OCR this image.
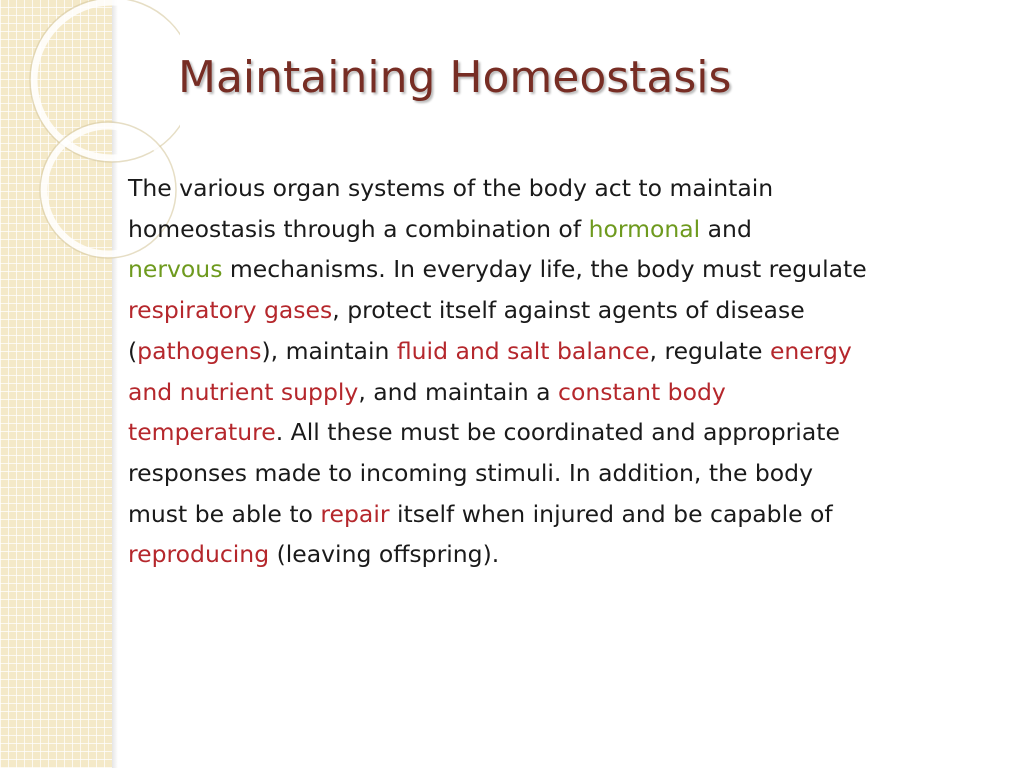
Maintaining Homeostasis
The various organ systems of the body act to maintain
homeostasis through a combination of hormonal and
nervous mechanisms. In everyday life, the body must regulate
respiratory gases, protect itself against agents of disease
(pathogens), maintain fluid and salt balance, regulate energy
and nutrient supply, and maintain a constant body
temperature. All these must be coordinated and appropriate
responses made to incoming stimuli. In addition, the body
must be able to repair itself when injured and be capable of
reproducing (leaving offspring).
